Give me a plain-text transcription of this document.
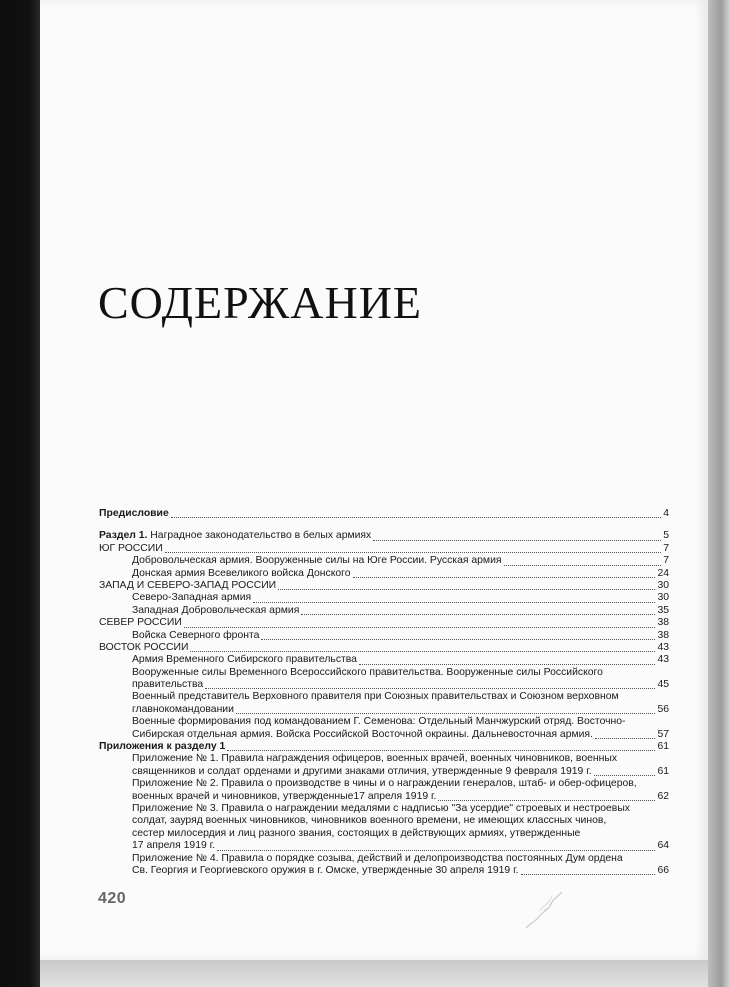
СОДЕРЖАНИЕ
Предисловие	4
Раздел 1. Наградное законодательство в белых армиях	5
ЮГ РОССИИ	7
Добровольческая армия. Вооруженные силы на Юге России. Русская армия	7
Донская армия Всевеликого войска Донского	24
ЗАПАД И СЕВЕРО-ЗАПАД РОССИИ	30
Северо-Западная армия	30
Западная Добровольческая армия	35
СЕВЕР РОССИИ	38
Войска Северного фронта	38
ВОСТОК РОССИИ	43
Армия Временного Сибирского правительства	43
Вооруженные силы Временного Всероссийского правительства. Вооруженные силы Российского
правительства	45
Военный представитель Верховного правителя при Союзных правительствах и Союзном верховном
главнокомандовании	56
Военные формирования под командованием Г. Семенова: Отдельный Манчжурский отряд. Восточно-
Сибирская отдельная армия. Войска Российской Восточной окраины. Дальневосточная армия.	57
Приложения к разделу 1	61
Приложение № 1. Правила награждения офицеров, военных врачей, военных чиновников, военных
священников и солдат орденами и другими знаками отличия, утвержденные 9 февраля 1919 г.	61
Приложение № 2. Правила о производстве в чины и о награждении генералов, штаб- и обер-офицеров,
военных врачей и чиновников, утвержденные17 апреля 1919 г.	62
Приложение № 3. Правила о награждении медалями с надписью "За усердие" строевых и нестроевых
солдат, зауряд военных чиновников, чиновников военного времени, не имеющих классных чинов,
сестер милосердия и лиц разного звания, состоящих в действующих армиях, утвержденные
17 апреля 1919 г.	64
Приложение № 4. Правила о порядке созыва, действий и делопроизводства постоянных Дум ордена
Св. Георгия и Георгиевского оружия в г. Омске, утвержденные 30 апреля 1919 г.	66
420
